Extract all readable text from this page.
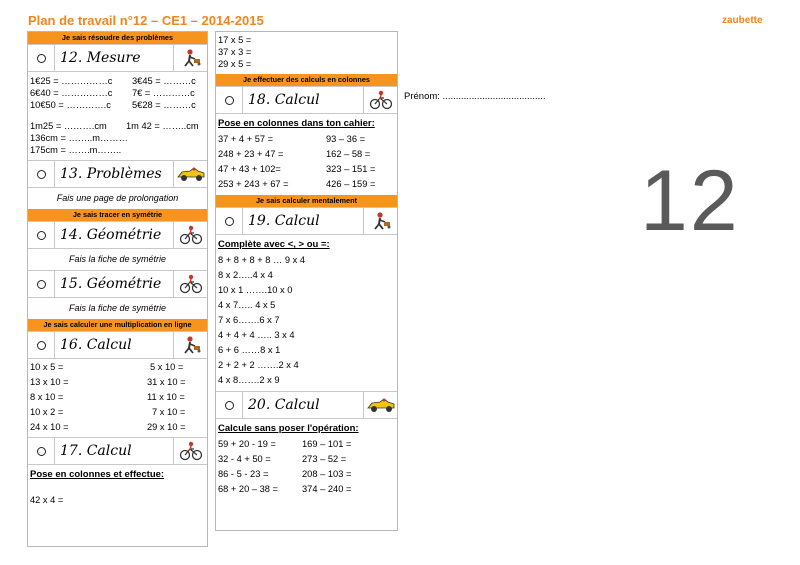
Plan de travail n°12 – CE1 – 2014-2015	zaubette
Prénom: .......................................
12
Je sais résoudre des problèmes
12. Mesure
1€25 = ……………c	3€45 = ………c
6€40 = ……………c	7€ = …………c
10€50 = ………….c	5€28 = ………c
1m25 = ……….cm	1m 42 = ……..cm
136cm = ……..m………
175cm = …….m……..
13. Problèmes
Fais une page de prolongation
Je sais tracer en symétrie
14. Géométrie
Fais la fiche de symétrie
15. Géométrie
Fais la fiche de symétrie
Je sais calculer une multiplication en ligne
16. Calcul
10 x 5 =	5 x 10 =
13 x 10 =	31 x 10 =
8 x 10 =	11 x 10 =
10 x 2 =	7 x 10 =
24 x 10 =	29 x 10 =
17. Calcul
Pose en colonnes et effectue:
42 x 4 =
17 x 5 =
37 x 3 =
29 x 5 =
Je effectuer des calculs en colonnes
18. Calcul
Pose en colonnes dans ton cahier:
37 + 4 + 57 =	93 – 36 =
248 + 23 + 47 =	162 – 58 =
47 + 43 + 102=	323 – 151 =
253 + 243 + 67 =	426 – 159 =
Je sais calculer mentalement
19. Calcul
Complète avec <, > ou =:
8 + 8 + 8 + 8 … 9 x 4
8 x 2…..4 x 4
10 x 1 …….10 x 0
4 x 7….. 4 x 5
7 x 6…….6 x 7
4 + 4 + 4 ….. 3 x 4
6 + 6 ……8 x 1
2 + 2 + 2 …….2 x 4
4 x 8…….2 x 9
20. Calcul
Calcule sans poser l'opération:
59 + 20 - 19 =	169 – 101 =
32 - 4 + 50 =	273 – 52 =
86 - 5 - 23 =	208 – 103 =
68 + 20 – 38 =	374 – 240 =
